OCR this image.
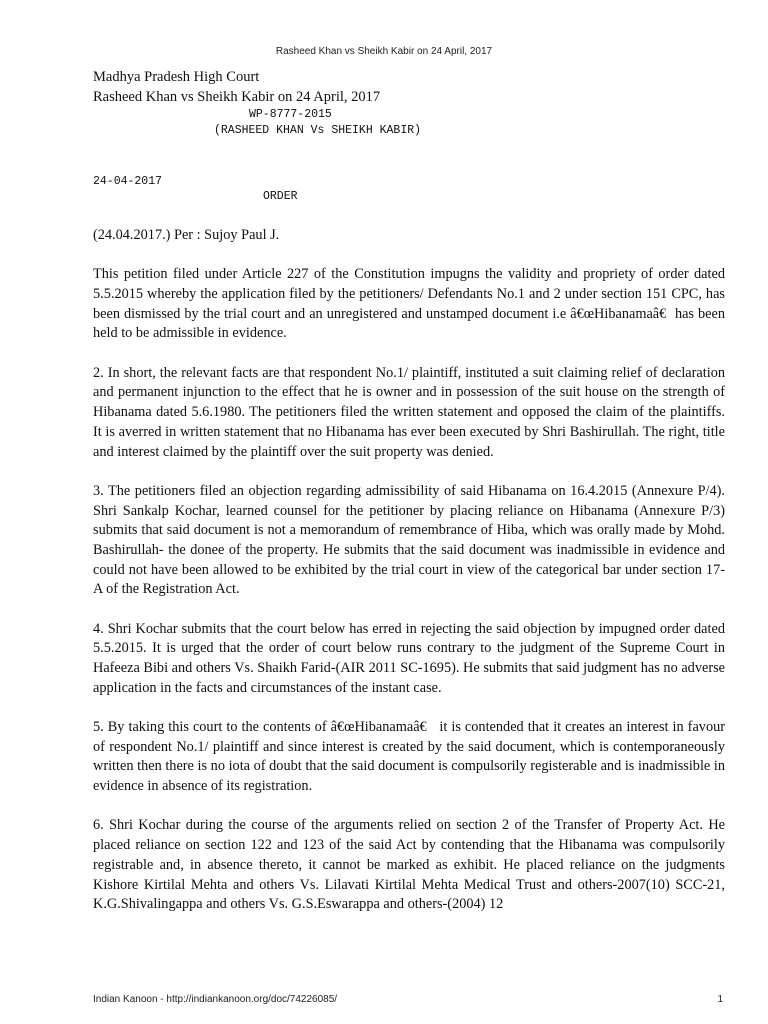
Rasheed Khan vs Sheikh Kabir on 24 April, 2017
Madhya Pradesh High Court
Rasheed Khan vs Sheikh Kabir on 24 April, 2017
WP-8777-2015
(RASHEED KHAN Vs SHEIKH KABIR)
24-04-2017
ORDER

(24.04.2017.) Per : Sujoy Paul J.

This petition filed under Article 227 of the Constitution impugns the validity and propriety of order dated 5.5.2015 whereby the application filed by the petitioners/ Defendants No.1 and 2 under section 151 CPC, has been dismissed by the trial court and an unregistered and unstamped document i.e â€œHibanamaâ€has been held to be admissible in evidence.

2. In short, the relevant facts are that respondent No.1/ plaintiff, instituted a suit claiming relief of declaration and permanent injunction to the effect that he is owner and in possession of the suit house on the strength of Hibanama dated 5.6.1980. The petitioners filed the written statement and opposed the claim of the plaintiffs. It is averred in written statement that no Hibanama has ever been executed by Shri Bashirullah. The right, title and interest claimed by the plaintiff over the suit property was denied.

3. The petitioners filed an objection regarding admissibility of said Hibanama on 16.4.2015 (Annexure P/4). Shri Sankalp Kochar, learned counsel for the petitioner by placing reliance on Hibanama (Annexure P/3) submits that said document is not a memorandum of remembrance of Hiba, which was orally made by Mohd. Bashirullah- the donee of the property. He submits that the said document was inadmissible in evidence and could not have been allowed to be exhibited by the trial court in view of the categorical bar under section 17-A of the Registration Act.

4. Shri Kochar submits that the court below has erred in rejecting the said objection by impugned order dated 5.5.2015. It is urged that the order of court below runs contrary to the judgment of the Supreme Court in Hafeeza Bibi and others Vs. Shaikh Farid-(AIR 2011 SC-1695). He submits that said judgment has no adverse application in the facts and circumstances of the instant case.

5. By taking this court to the contents of â€œHibanamaâ€ it is contended that it creates an interest in favour of respondent No.1/ plaintiff and since interest is created by the said document, which is contemporaneously written then there is no iota of doubt that the said document is compulsorily registerable and is inadmissible in evidence in absence of its registration.

6. Shri Kochar during the course of the arguments relied on section 2 of the Transfer of Property Act. He placed reliance on section 122 and 123 of the said Act by contending that the Hibanama was compulsorily registrable and, in absence thereto, it cannot be marked as exhibit. He placed reliance on the judgments Kishore Kirtilal Mehta and others Vs. Lilavati Kirtilal Mehta Medical Trust and others-2007(10) SCC-21, K.G.Shivalingappa and others Vs. G.S.Eswarappa and others-(2004) 12

Indian Kanoon - http://indiankanoon.org/doc/74226085/	1
